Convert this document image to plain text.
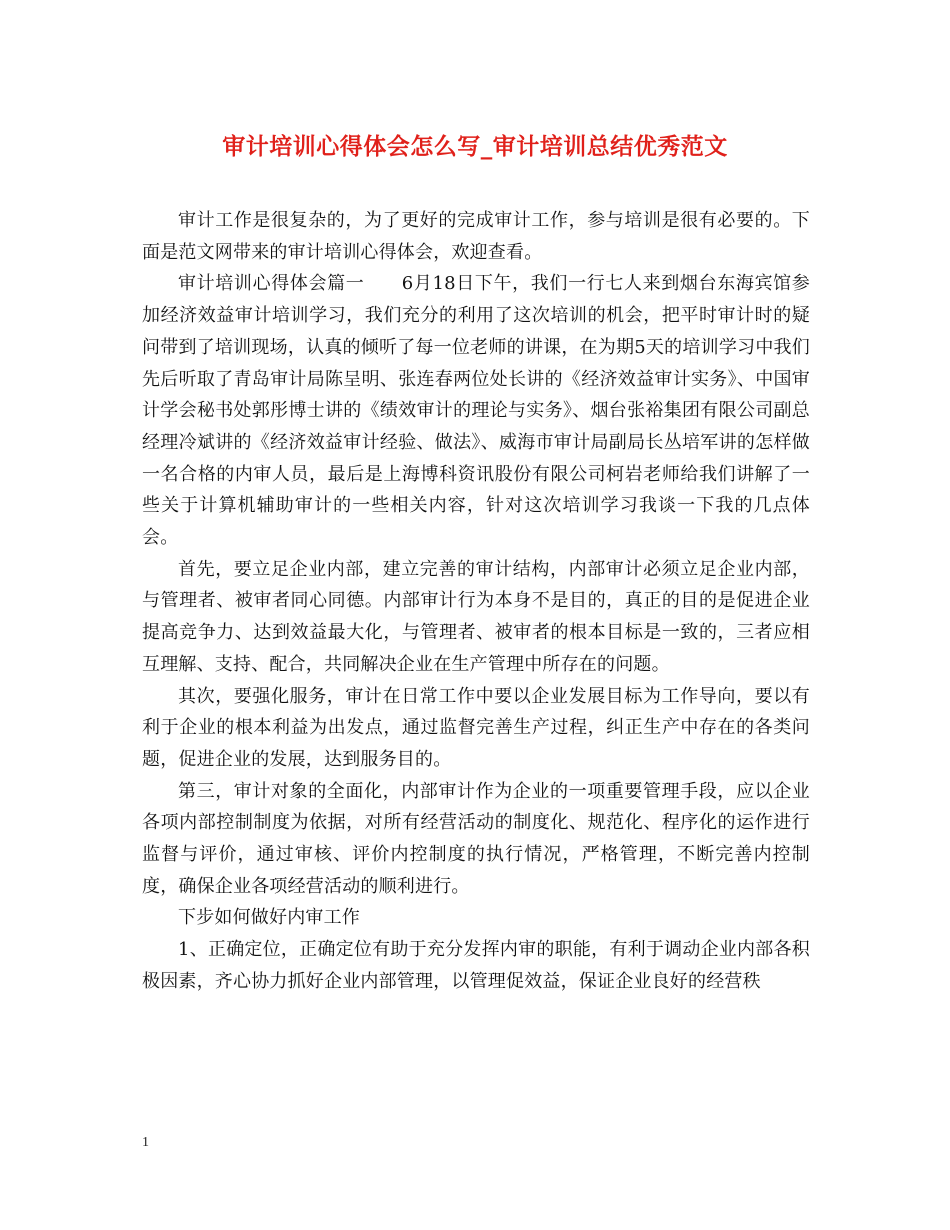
审计培训心得体会怎么写_审计培训总结优秀范文

审计工作是很复杂的，为了更好的完成审计工作，参与培训是很有必要的。下面是范文网带来的审计培训心得体会，欢迎查看。

审计培训心得体会篇一　　6月18日下午，我们一行七人来到烟台东海宾馆参加经济效益审计培训学习，我们充分的利用了这次培训的机会，把平时审计时的疑问带到了培训现场，认真的倾听了每一位老师的讲课，在为期5天的培训学习中我们先后听取了青岛审计局陈呈明、张连春两位处长讲的《经济效益审计实务》、中国审计学会秘书处郭彤博士讲的《绩效审计的理论与实务》、烟台张裕集团有限公司副总经理冷斌讲的《经济效益审计经验、做法》、威海市审计局副局长丛培军讲的怎样做一名合格的内审人员，最后是上海博科资讯股份有限公司柯岩老师给我们讲解了一些关于计算机辅助审计的一些相关内容，针对这次培训学习我谈一下我的几点体会。

首先，要立足企业内部，建立完善的审计结构，内部审计必须立足企业内部，与管理者、被审者同心同德。内部审计行为本身不是目的，真正的目的是促进企业提高竞争力、达到效益最大化，与管理者、被审者的根本目标是一致的，三者应相互理解、支持、配合，共同解决企业在生产管理中所存在的问题。

其次，要强化服务，审计在日常工作中要以企业发展目标为工作导向，要以有利于企业的根本利益为出发点，通过监督完善生产过程，纠正生产中存在的各类问题，促进企业的发展，达到服务目的。

第三，审计对象的全面化，内部审计作为企业的一项重要管理手段，应以企业各项内部控制制度为依据，对所有经营活动的制度化、规范化、程序化的运作进行监督与评价，通过审核、评价内控制度的执行情况，严格管理，不断完善内控制度，确保企业各项经营活动的顺利进行。

下步如何做好内审工作

1、正确定位，正确定位有助于充分发挥内审的职能，有利于调动企业内部各积极因素，齐心协力抓好企业内部管理，以管理促效益，保证企业良好的经营秩

1
